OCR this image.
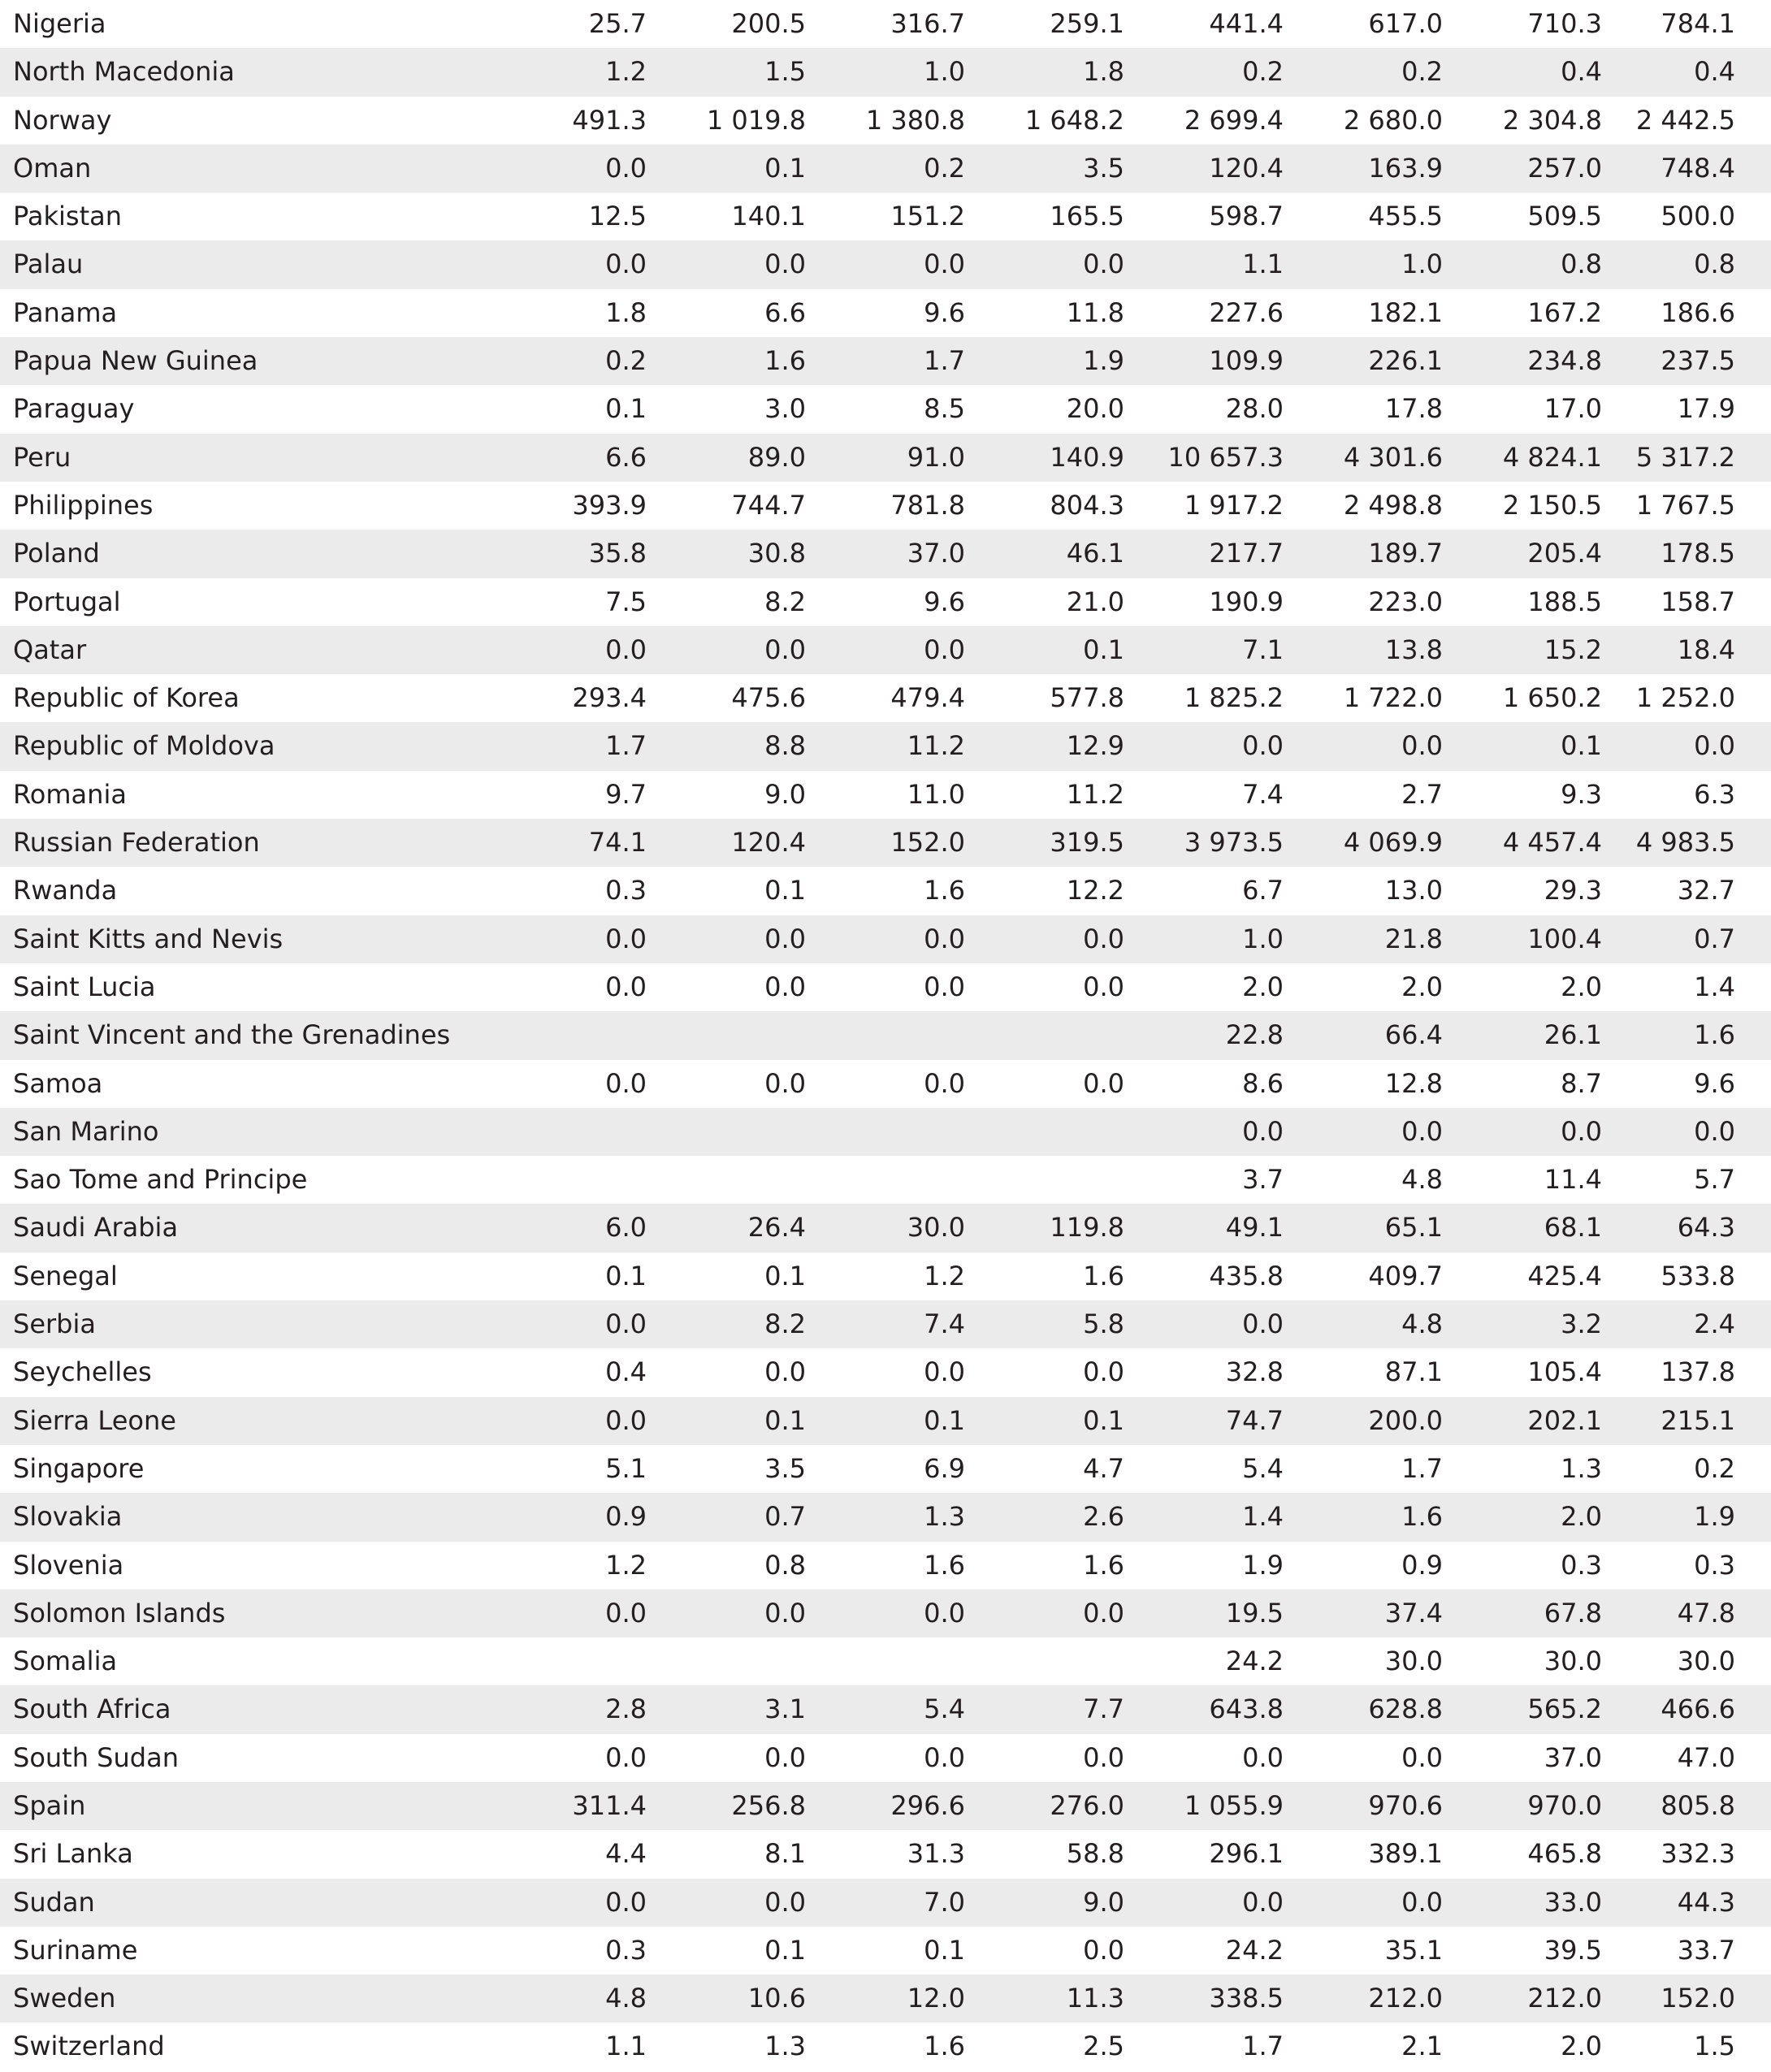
Nigeria	25.7	200.5	316.7	259.1	441.4	617.0	710.3	784.1
North Macedonia	1.2	1.5	1.0	1.8	0.2	0.2	0.4	0.4
Norway	491.3	1 019.8	1 380.8	1 648.2	2 699.4	2 680.0	2 304.8	2 442.5
Oman	0.0	0.1	0.2	3.5	120.4	163.9	257.0	748.4
Pakistan	12.5	140.1	151.2	165.5	598.7	455.5	509.5	500.0
Palau	0.0	0.0	0.0	0.0	1.1	1.0	0.8	0.8
Panama	1.8	6.6	9.6	11.8	227.6	182.1	167.2	186.6
Papua New Guinea	0.2	1.6	1.7	1.9	109.9	226.1	234.8	237.5
Paraguay	0.1	3.0	8.5	20.0	28.0	17.8	17.0	17.9
Peru	6.6	89.0	91.0	140.9	10 657.3	4 301.6	4 824.1	5 317.2
Philippines	393.9	744.7	781.8	804.3	1 917.2	2 498.8	2 150.5	1 767.5
Poland	35.8	30.8	37.0	46.1	217.7	189.7	205.4	178.5
Portugal	7.5	8.2	9.6	21.0	190.9	223.0	188.5	158.7
Qatar	0.0	0.0	0.0	0.1	7.1	13.8	15.2	18.4
Republic of Korea	293.4	475.6	479.4	577.8	1 825.2	1 722.0	1 650.2	1 252.0
Republic of Moldova	1.7	8.8	11.2	12.9	0.0	0.0	0.1	0.0
Romania	9.7	9.0	11.0	11.2	7.4	2.7	9.3	6.3
Russian Federation	74.1	120.4	152.0	319.5	3 973.5	4 069.9	4 457.4	4 983.5
Rwanda	0.3	0.1	1.6	12.2	6.7	13.0	29.3	32.7
Saint Kitts and Nevis	0.0	0.0	0.0	0.0	1.0	21.8	100.4	0.7
Saint Lucia	0.0	0.0	0.0	0.0	2.0	2.0	2.0	1.4
Saint Vincent and the Grenadines					22.8	66.4	26.1	1.6
Samoa	0.0	0.0	0.0	0.0	8.6	12.8	8.7	9.6
San Marino					0.0	0.0	0.0	0.0
Sao Tome and Principe					3.7	4.8	11.4	5.7
Saudi Arabia	6.0	26.4	30.0	119.8	49.1	65.1	68.1	64.3
Senegal	0.1	0.1	1.2	1.6	435.8	409.7	425.4	533.8
Serbia	0.0	8.2	7.4	5.8	0.0	4.8	3.2	2.4
Seychelles	0.4	0.0	0.0	0.0	32.8	87.1	105.4	137.8
Sierra Leone	0.0	0.1	0.1	0.1	74.7	200.0	202.1	215.1
Singapore	5.1	3.5	6.9	4.7	5.4	1.7	1.3	0.2
Slovakia	0.9	0.7	1.3	2.6	1.4	1.6	2.0	1.9
Slovenia	1.2	0.8	1.6	1.6	1.9	0.9	0.3	0.3
Solomon Islands	0.0	0.0	0.0	0.0	19.5	37.4	67.8	47.8
Somalia					24.2	30.0	30.0	30.0
South Africa	2.8	3.1	5.4	7.7	643.8	628.8	565.2	466.6
South Sudan	0.0	0.0	0.0	0.0	0.0	0.0	37.0	47.0
Spain	311.4	256.8	296.6	276.0	1 055.9	970.6	970.0	805.8
Sri Lanka	4.4	8.1	31.3	58.8	296.1	389.1	465.8	332.3
Sudan	0.0	0.0	7.0	9.0	0.0	0.0	33.0	44.3
Suriname	0.3	0.1	0.1	0.0	24.2	35.1	39.5	33.7
Sweden	4.8	10.6	12.0	11.3	338.5	212.0	212.0	152.0
Switzerland	1.1	1.3	1.6	2.5	1.7	2.1	2.0	1.5
